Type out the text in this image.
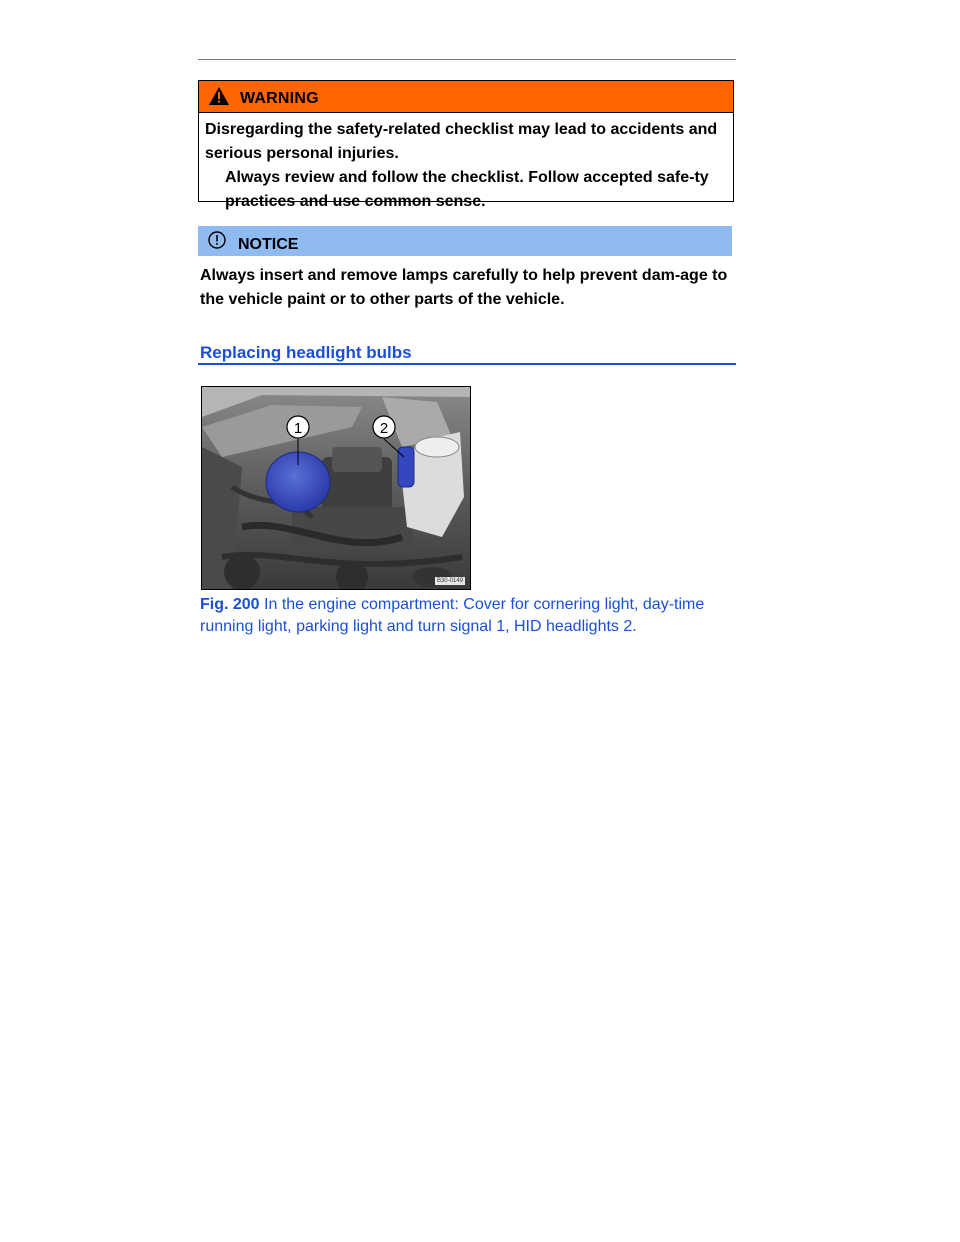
WARNING
Disregarding the safety-related checklist may lead to accidents and serious personal injuries.
Always review and follow the checklist. Follow accepted safe-ty practices and use common sense.
NOTICE
Always insert and remove lamps carefully to help prevent dam-age to the vehicle paint or to other parts of the vehicle.
Replacing headlight bulbs
1	2
B30-0149
Fig. 200 In the engine compartment: Cover for cornering light, day-time running light, parking light and turn signal 1, HID headlights 2.
